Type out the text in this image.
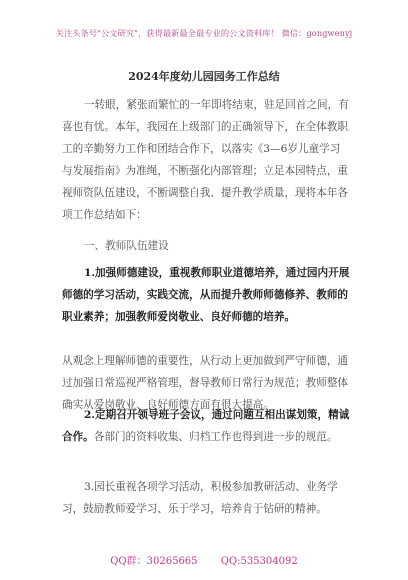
关注头条号"公文研究"，获得最新最全最专业的公文资料库！ 微信：gongwenyj
2024年度幼儿园园务工作总结

一转眼，紧张而繁忙的一年即将结束，驻足回首之间，有喜也有忧。本年，我园在上级部门的正确领导下，在全体教职工的辛勤努力工作和团结合作下，以落实《3—6岁儿童学习与发展指南》为准绳，不断强化内部管理；立足本园特点，重视师资队伍建设，不断调整自我、提升教学质量，现将本年各项工作总结如下：

一、教师队伍建设

1.加强师德建设，重视教师职业道德培养，通过园内开展师德的学习活动，实践交流，从而提升教师师德修养、教师的职业素养；加强教师爱岗敬业、良好师德的培养。

从观念上理解师德的重要性，从行动上更加做到严守师德，通过加强日常巡视严格管理，督导教师日常行为规范；教师整体确实从爱岗敬业、良好师德方面有很大提高。

2.定期召开领导班子会议，通过问题互相出谋划策，精诚合作。各部门的资料收集、归档工作也得到进一步的规范。

3.园长重视各项学习活动，积极参加教研活动、业务学习，鼓励教师爱学习、乐于学习，培养肯于钻研的精神。

QQ群：30265665 QQ:535304092
